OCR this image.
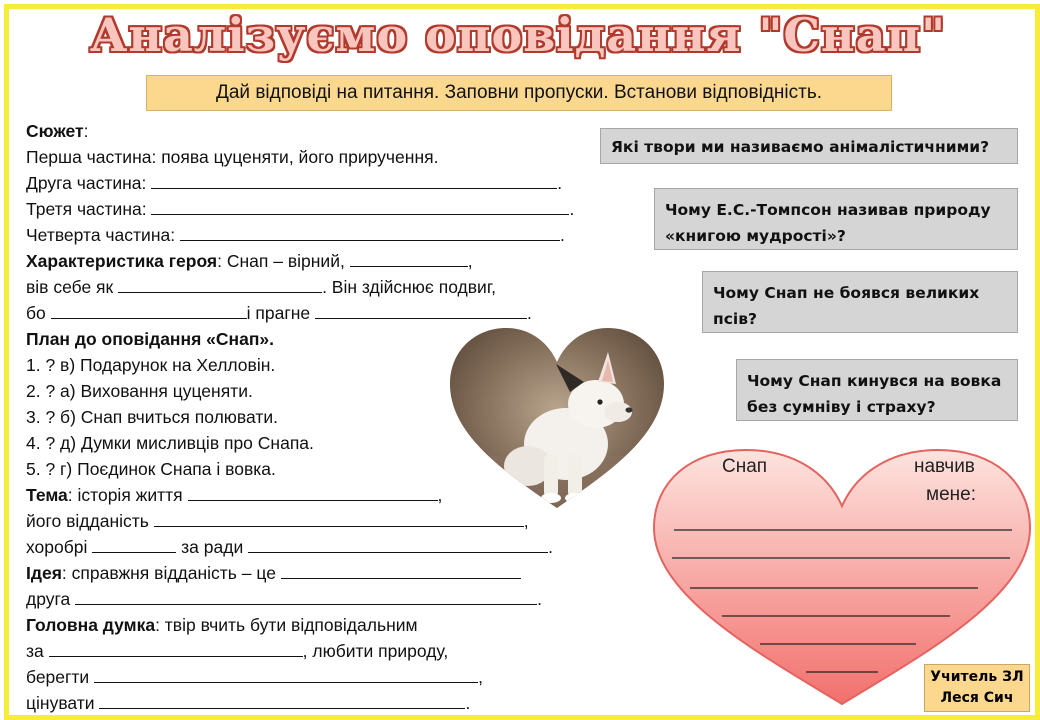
Аналізуємо оповідання "Снап"
Дай відповіді на питання. Заповни пропуски. Встанови відповідність.
Сюжет:
Перша частина: поява цуценяти, його приручення.
Друга частина:	.
Третя частина:	.
Четверта частина:	.
Характеристика героя: Снап – вірний,	,
вів себе як	. Він здійснює подвиг,
бо	і прагне	.
План до оповідання «Снап».
1. ? в) Подарунок на Хелловін.
2. ? а) Виховання цуценяти.
3. ? б) Снап вчиться полювати.
4. ? д) Думки мисливців про Снапа.
5. ? г) Поєдинок Снапа і вовка.
Тема: історія життя	,
його відданість	,
хоробрі	за ради	.
Ідея: справжня відданість – це
друга	.
Головна думка: твір вчить бути відповідальним
за	, любити природу,
берегти	,
цінувати	.
Які твори ми називаємо анімалістичними?
Чому Е.С.-Томпсон називав природу «книгою мудрості»?
Чому Снап не боявся великих псів?
Чому Снап кинувся на вовка без сумніву і страху?
Снап	навчив
мене:
Учитель ЗЛ
Леся Сич
